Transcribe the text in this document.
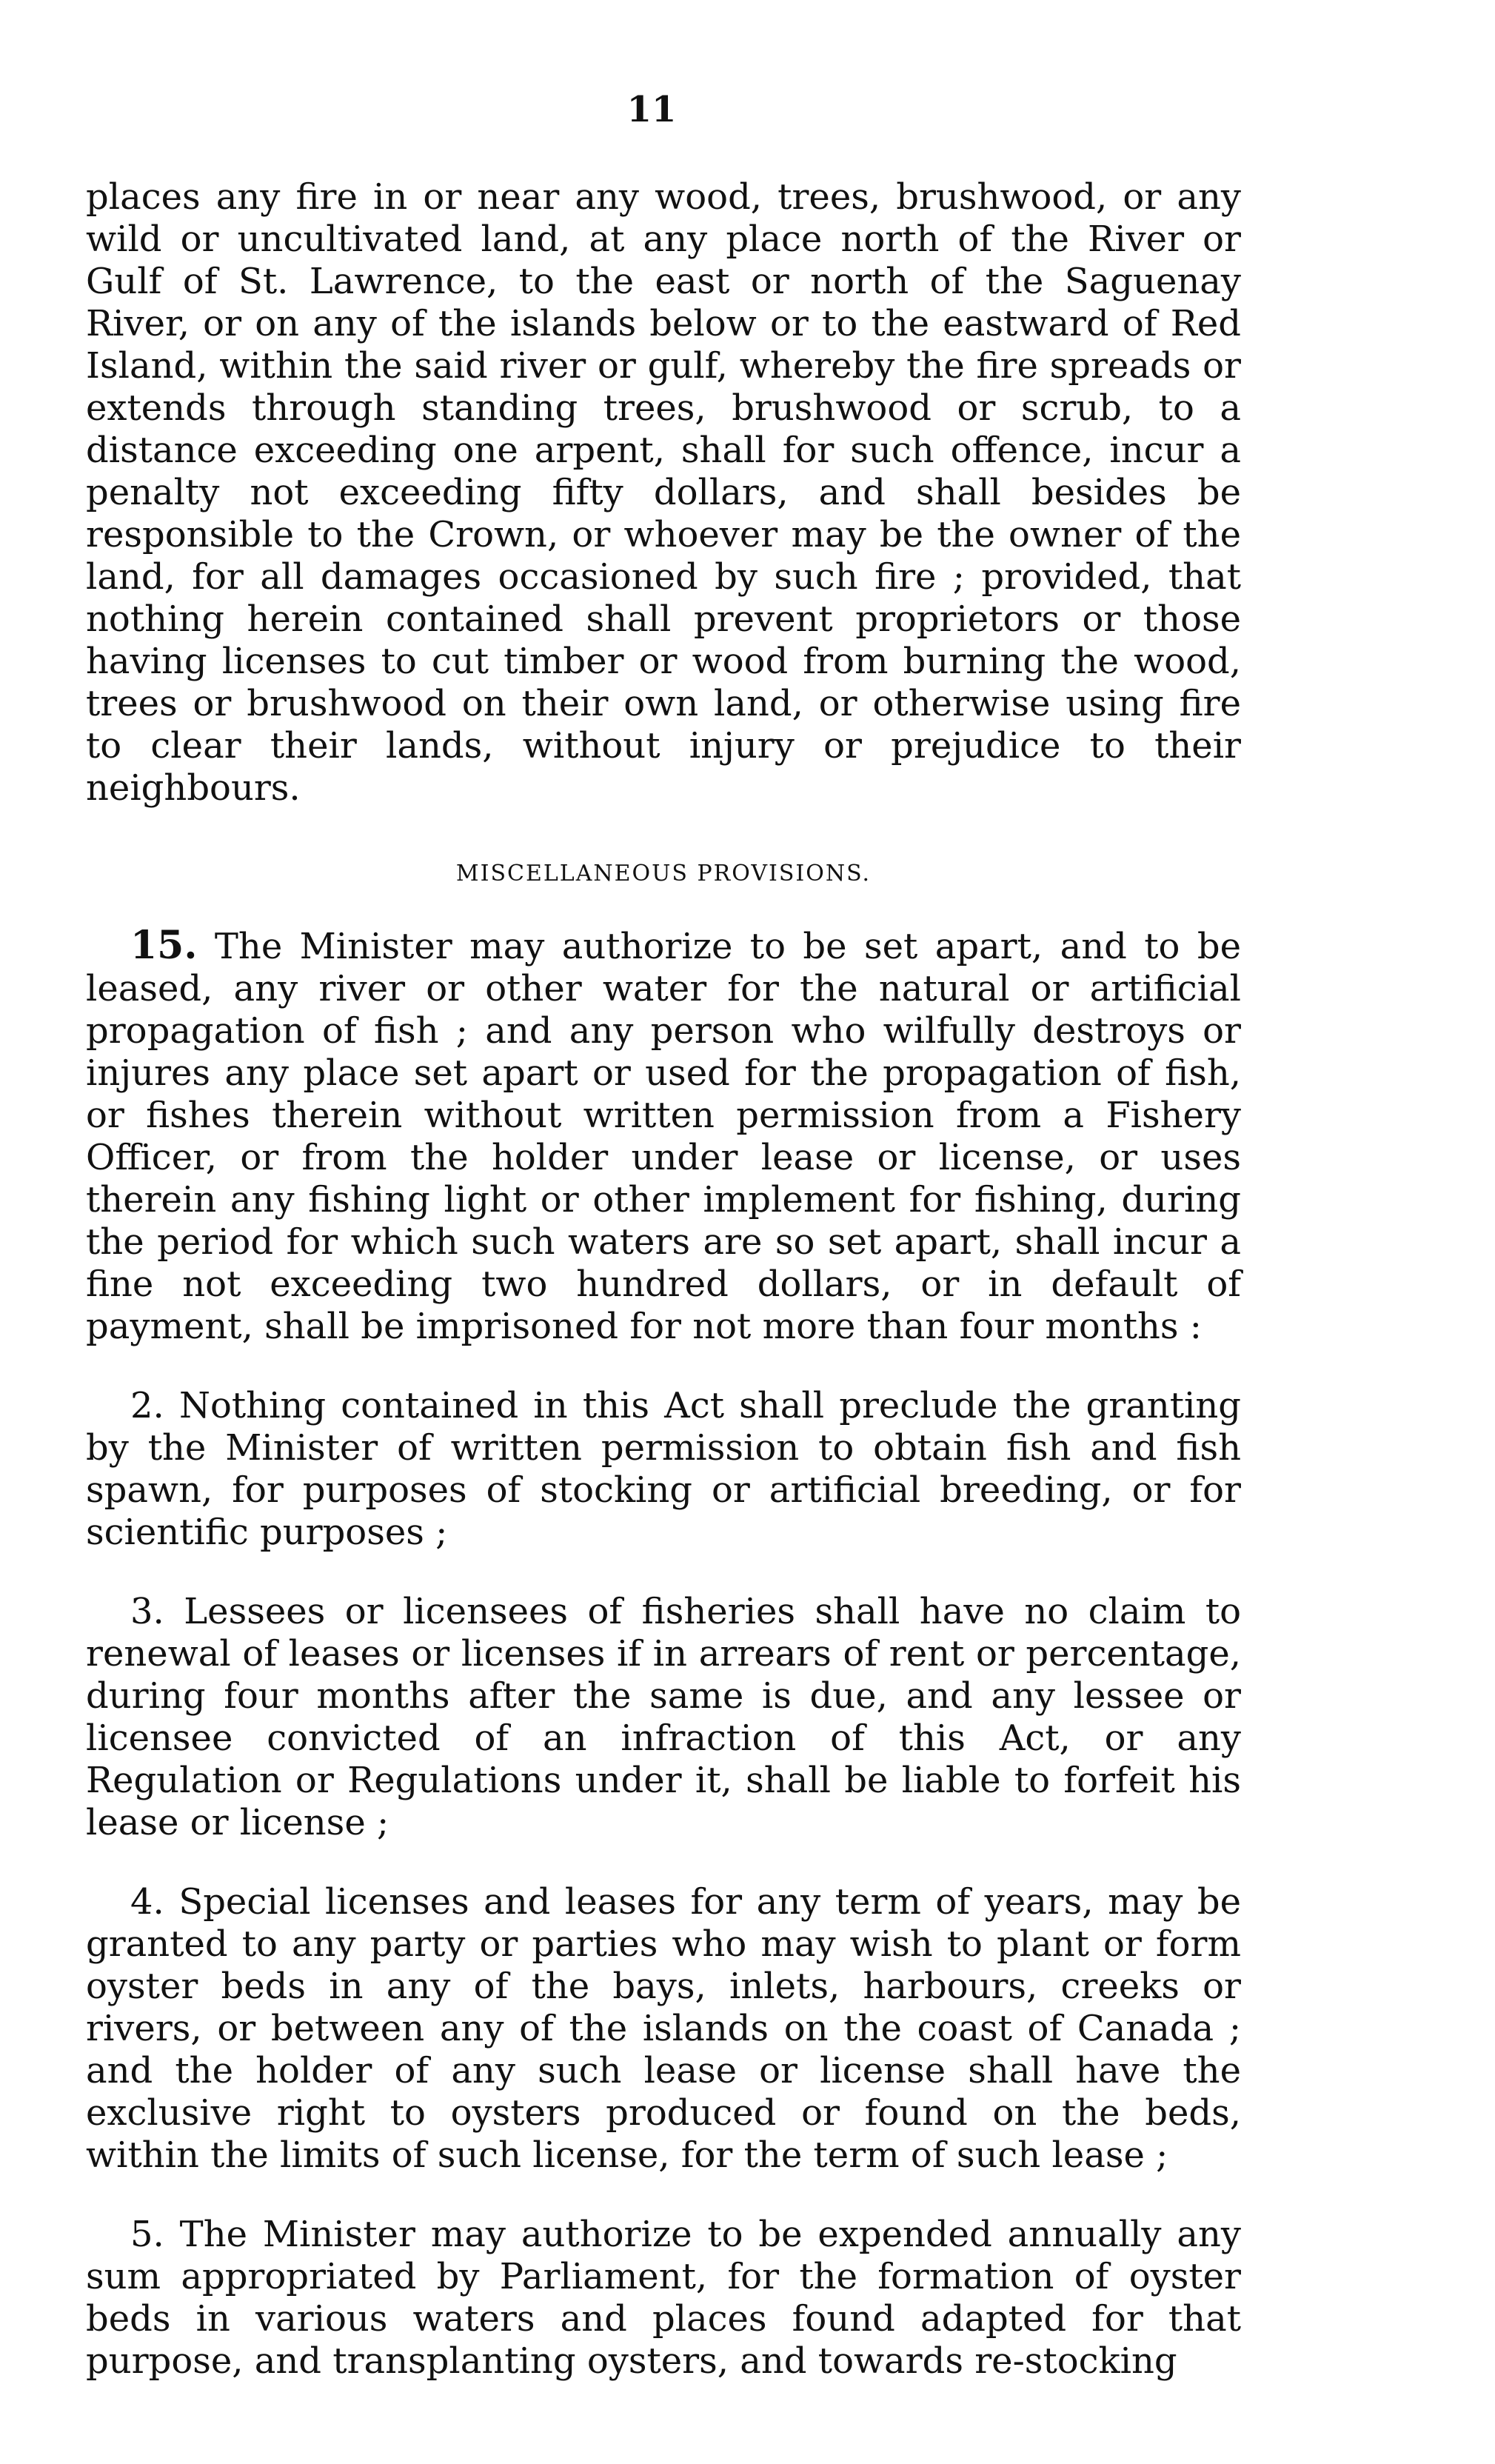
11

places any fire in or near any wood, trees, brushwood, or any wild or uncultivated land, at any place north of the River or Gulf of St. Lawrence, to the east or north of the Saguenay River, or on any of the islands below or to the eastward of Red Island, within the said river or gulf, whereby the fire spreads or extends through standing trees, brushwood or scrub, to a distance exceeding one arpent, shall for such offence, incur a penalty not exceeding fifty dollars, and shall besides be responsible to the Crown, or whoever may be the owner of the land, for all damages occasioned by such fire ; provided, that nothing herein contained shall prevent proprietors or those having licenses to cut timber or wood from burning the wood, trees or brushwood on their own land, or otherwise using fire to clear their lands, without injury or prejudice to their neighbours.

MISCELLANEOUS PROVISIONS.

15. The Minister may authorize to be set apart, and to be leased, any river or other water for the natural or artificial propagation of fish ; and any person who wilfully destroys or injures any place set apart or used for the propagation of fish, or fishes therein without written permission from a Fishery Officer, or from the holder under lease or license, or uses therein any fishing light or other implement for fishing, during the period for which such waters are so set apart, shall incur a fine not exceeding two hundred dollars, or in default of payment, shall be imprisoned for not more than four months :

2. Nothing contained in this Act shall preclude the granting by the Minister of written permission to obtain fish and fish spawn, for purposes of stocking or artificial breeding, or for scientific purposes ;

3. Lessees or licensees of fisheries shall have no claim to renewal of leases or licenses if in arrears of rent or percentage, during four months after the same is due, and any lessee or licensee convicted of an infraction of this Act, or any Regulation or Regulations under it, shall be liable to forfeit his lease or license ;

4. Special licenses and leases for any term of years, may be granted to any party or parties who may wish to plant or form oyster beds in any of the bays, inlets, harbours, creeks or rivers, or between any of the islands on the coast of Canada ; and the holder of any such lease or license shall have the exclusive right to oysters produced or found on the beds, within the limits of such license, for the term of such lease ;

5. The Minister may authorize to be expended annually any sum appropriated by Parliament, for the formation of oyster beds in various waters and places found adapted for that purpose, and transplanting oysters, and towards re-stocking
